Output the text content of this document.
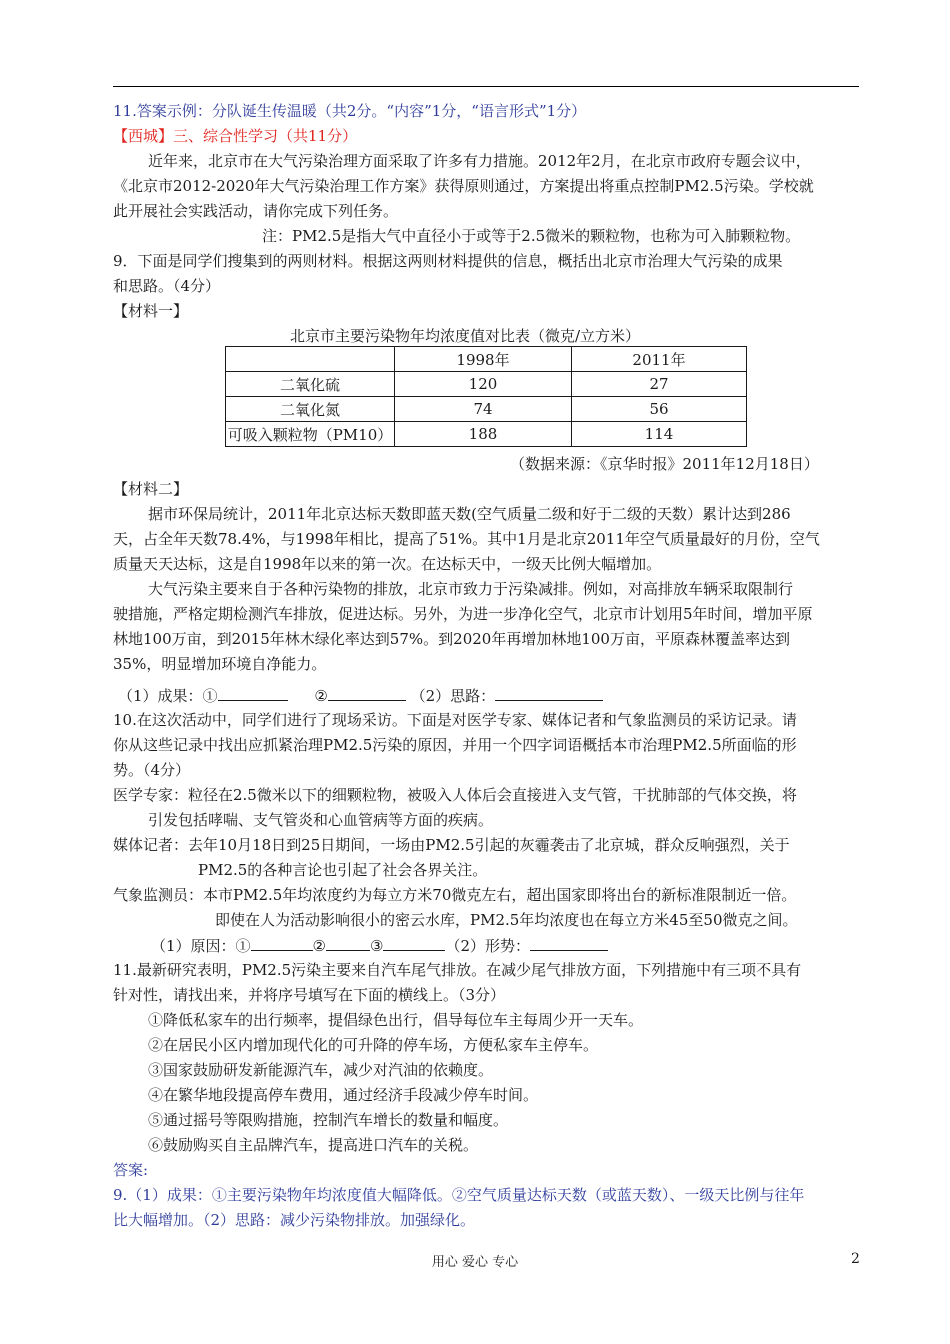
11.答案示例：分队诞生传温暖（共2分。“内容”1分，“语言形式”1分）
【西城】三、综合性学习（共11分）
近年来，北京市在大气污染治理方面采取了许多有力措施。2012年2月，在北京市政府专题会议中，
《北京市2012-2020年大气污染治理工作方案》获得原则通过，方案提出将重点控制PM2.5污染。学校就
此开展社会实践活动，请你完成下列任务。
注：PM2.5是指大气中直径小于或等于2.5微米的颗粒物，也称为可入肺颗粒物。
9．下面是同学们搜集到的两则材料。根据这两则材料提供的信息，概括出北京市治理大气污染的成果
和思路。（4分）
【材料一】
北京市主要污染物年均浓度值对比表（微克/立方米）
	1998年	2011年
二氧化硫	120	27
二氧化氮	74	56
可吸入颗粒物（PM10）	188	114
（数据来源：《京华时报》2011年12月18日）
【材料二】
据市环保局统计，2011年北京达标天数即蓝天数(空气质量二级和好于二级的天数）累计达到286
天，占全年天数78.4%，与1998年相比，提高了51%。其中1月是北京2011年空气质量最好的月份，空气
质量天天达标，这是自1998年以来的第一次。在达标天中，一级天比例大幅增加。
大气污染主要来自于各种污染物的排放，北京市致力于污染减排。例如，对高排放车辆采取限制行
驶措施，严格定期检测汽车排放，促进达标。另外，为进一步净化空气，北京市计划用5年时间，增加平原
林地100万亩，到2015年林木绿化率达到57%。到2020年再增加林地100万亩，平原森林覆盖率达到
35%，明显增加环境自净能力。
（1）成果：①	②	（2）思路：
10.在这次活动中，同学们进行了现场采访。下面是对医学专家、媒体记者和气象监测员的采访记录。请
你从这些记录中找出应抓紧治理PM2.5污染的原因，并用一个四字词语概括本市治理PM2.5所面临的形
势。（4分）
医学专家：粒径在2.5微米以下的细颗粒物，被吸入人体后会直接进入支气管，干扰肺部的气体交换，将
引发包括哮喘、支气管炎和心血管病等方面的疾病。
媒体记者：去年10月18日到25日期间，一场由PM2.5引起的灰霾袭击了北京城，群众反响强烈，关于
PM2.5的各种言论也引起了社会各界关注。
气象监测员：本市PM2.5年均浓度约为每立方米70微克左右，超出国家即将出台的新标准限制近一倍。
即使在人为活动影响很小的密云水库，PM2.5年均浓度也在每立方米45至50微克之间。
（1）原因：①	②	③	（2）形势：
11.最新研究表明，PM2.5污染主要来自汽车尾气排放。在减少尾气排放方面，下列措施中有三项不具有
针对性，请找出来，并将序号填写在下面的横线上。（3分）
①降低私家车的出行频率，提倡绿色出行，倡导每位车主每周少开一天车。
②在居民小区内增加现代化的可升降的停车场，方便私家车主停车。
③国家鼓励研发新能源汽车，减少对汽油的依赖度。
④在繁华地段提高停车费用，通过经济手段减少停车时间。
⑤通过摇号等限购措施，控制汽车增长的数量和幅度。
⑥鼓励购买自主品牌汽车，提高进口汽车的关税。
答案:
9.（1）成果：①主要污染物年均浓度值大幅降低。②空气质量达标天数（或蓝天数）、一级天比例与往年
比大幅增加。（2）思路：减少污染物排放。加强绿化。
用心 爱心 专心	2
